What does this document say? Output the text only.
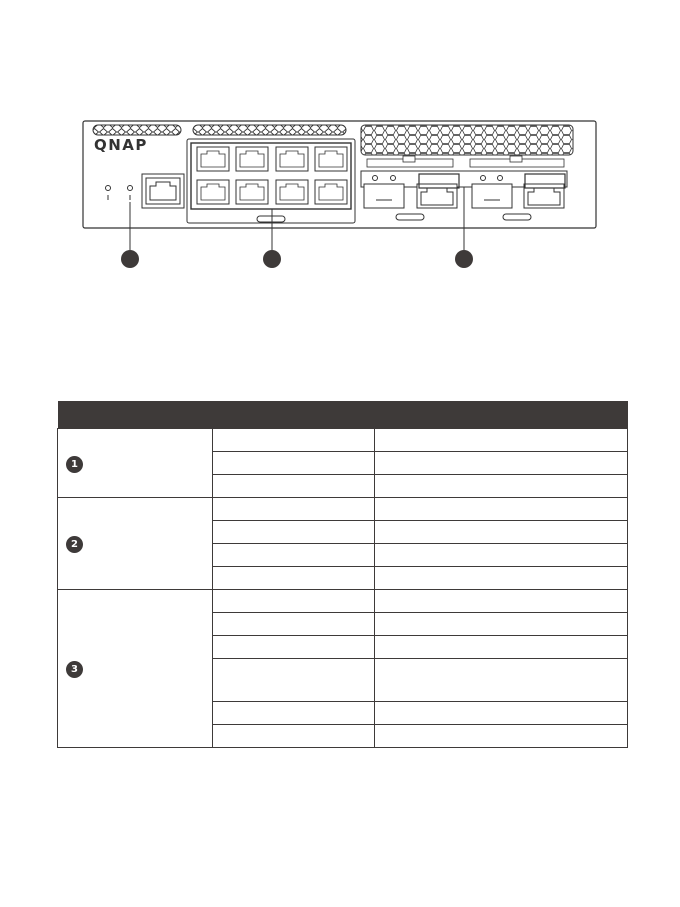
QNAP

1		

2		

3		
